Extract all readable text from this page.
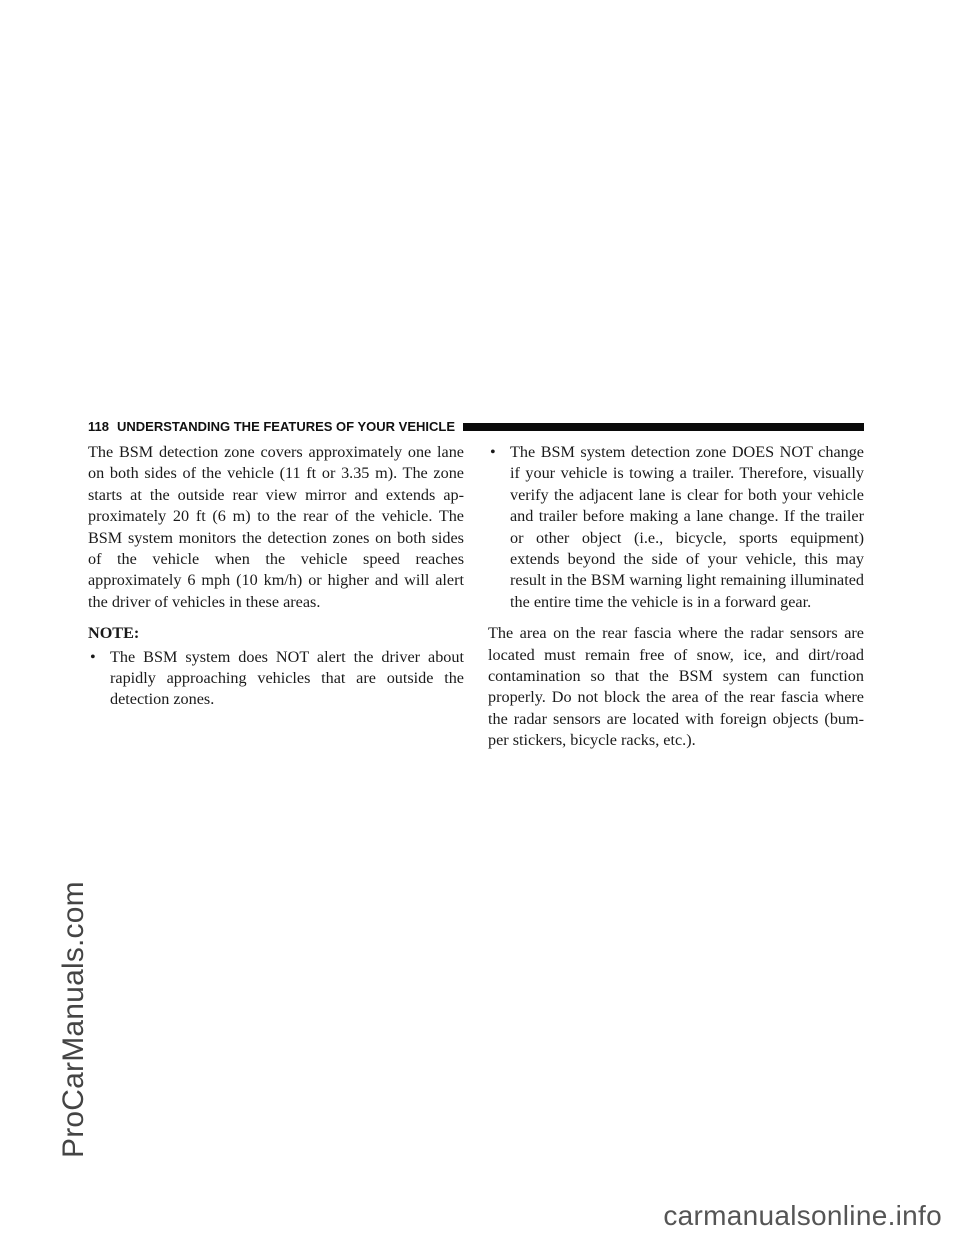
ProCarManuals.com
118 UNDERSTANDING THE FEATURES OF YOUR VEHICLE

The BSM detection zone covers approximately one lane on both sides of the vehicle (11 ft or 3.35 m). The zone starts at the outside rear view mirror and extends ap-proximately 20 ft (6 m) to the rear of the vehicle. The BSM system monitors the detection zones on both sides of the vehicle when the vehicle speed reaches approximately 6 mph (10 km/h) or higher and will alert the driver of vehicles in these areas.

NOTE:
• The BSM system does NOT alert the driver about rapidly approaching vehicles that are outside the detection zones.
• The BSM system detection zone DOES NOT change if your vehicle is towing a trailer. Therefore, visually verify the adjacent lane is clear for both your vehicle and trailer before making a lane change. If the trailer or other object (i.e., bicycle, sports equipment) extends beyond the side of your vehicle, this may result in the BSM warning light remaining illuminated the entire time the vehicle is in a forward gear.

The area on the rear fascia where the radar sensors are located must remain free of snow, ice, and dirt/road contamination so that the BSM system can function properly. Do not block the area of the rear fascia where the radar sensors are located with foreign objects (bum-per stickers, bicycle racks, etc.).

carmanualsonline.info
